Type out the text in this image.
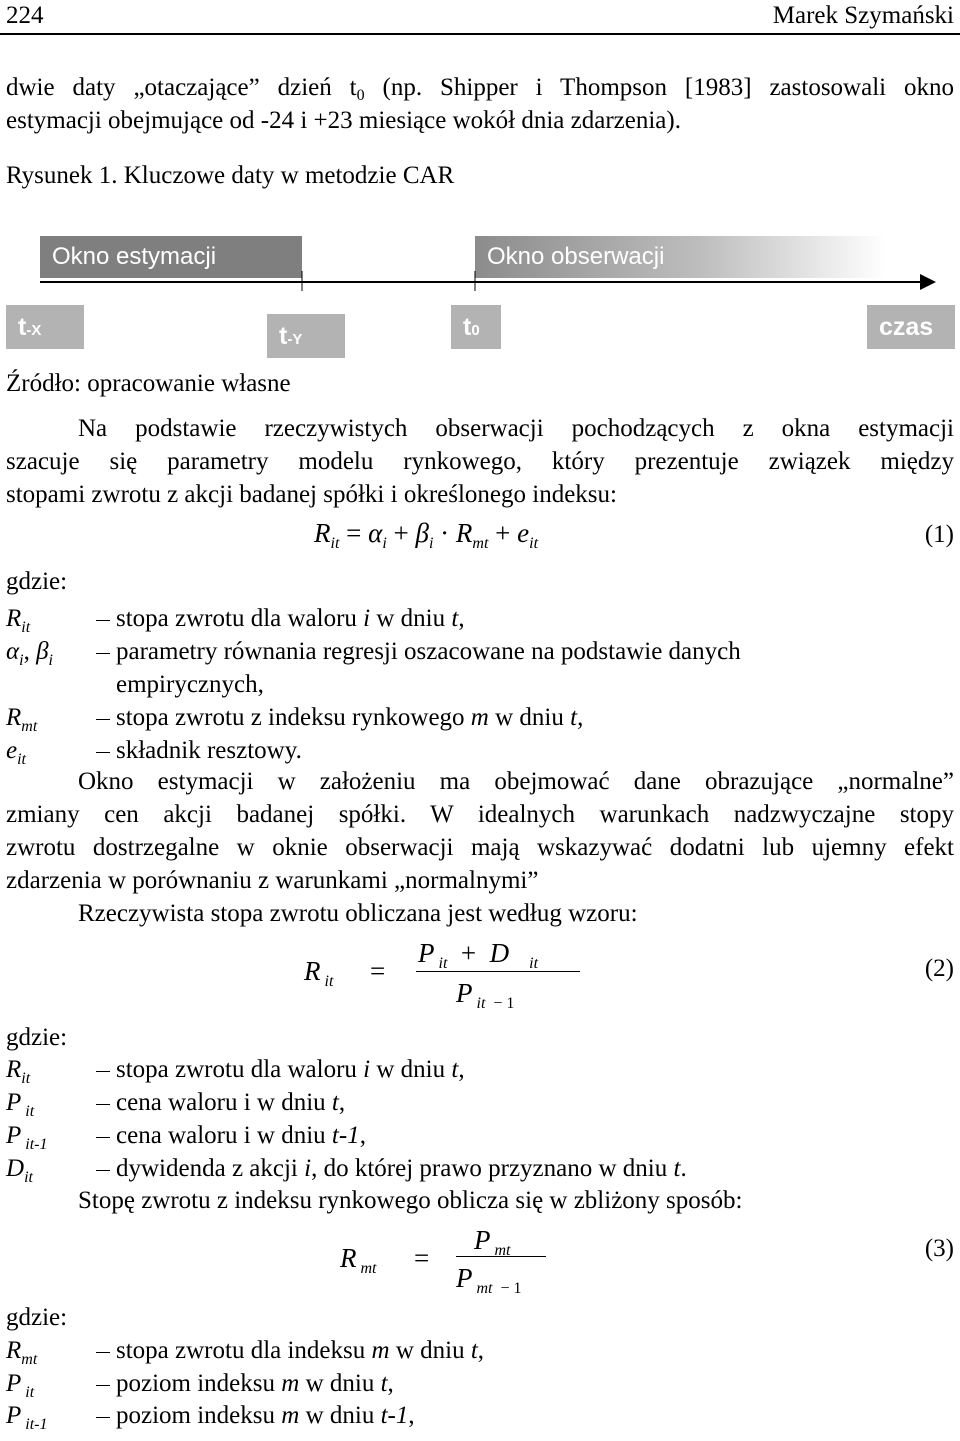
224	Marek Szymański
dwie daty „otaczające” dzień $t_0$ (np. Shipper i Thompson [1983] zastosowali okno
estymacji obejmujące od -24 i +23 miesiące wokół dnia zdarzenia).
Rysunek 1. Kluczowe daty w metodzie CAR
Okno estymacji	Okno obserwacji
$t_{-X}$	$t_{-Y}$	$t_0$	czas
Źródło: opracowanie własne
Na podstawie rzeczywistych obserwacji pochodzących z okna estymacji
szacuje się parametry modelu rynkowego, który prezentuje związek między
stopami zwrotu z akcji badanej spółki i określonego indeksu:
$R_{it} = \alpha_i + \beta_i \cdot R_{mt} + e_{it}$	(1)
gdzie:
$R_{it}$	stopa zwrotu dla waloru i w dniu t,
$\alpha_i$, $\beta_i$	parametry równania regresji oszacowane na podstawie danych
empirycznych,
$R_{mt}$	stopa zwrotu z indeksu rynkowego m w dniu t,
$e_{it}$	składnik resztowy.
Okno estymacji w założeniu ma obejmować dane obrazujące „normalne”
zmiany cen akcji badanej spółki. W idealnych warunkach nadzwyczajne stopy
zwrotu dostrzegalne w oknie obserwacji mają wskazywać dodatni lub ujemny efekt
zdarzenia w porównaniu z warunkami „normalnymi”
Rzeczywista stopa zwrotu obliczana jest według wzoru:
R $_{it}$ =
P $_{it}$ +  D     $_{it}$
P $_{it}$  $_{- 1}$
(2)
gdzie:
$R_{it}$	stopa zwrotu dla waloru i w dniu t,
P $_{it}$	cena waloru i w dniu t,
P $_{it-1}$	cena waloru i w dniu t-1,
$D_{it}$	dywidenda z akcji i, do której prawo przyznano w dniu t.
Stopę zwrotu z indeksu rynkowego oblicza się w zbliżony sposób:
R $_{mt}$ =
P $_{mt}$
P $_{mt}$  $_{- 1}$
(3)
gdzie:
$R_{mt}$	stopa zwrotu dla indeksu m w dniu t,
P $_{it}$	poziom indeksu m w dniu t,
P $_{it-1}$	poziom indeksu m w dniu t-1,
